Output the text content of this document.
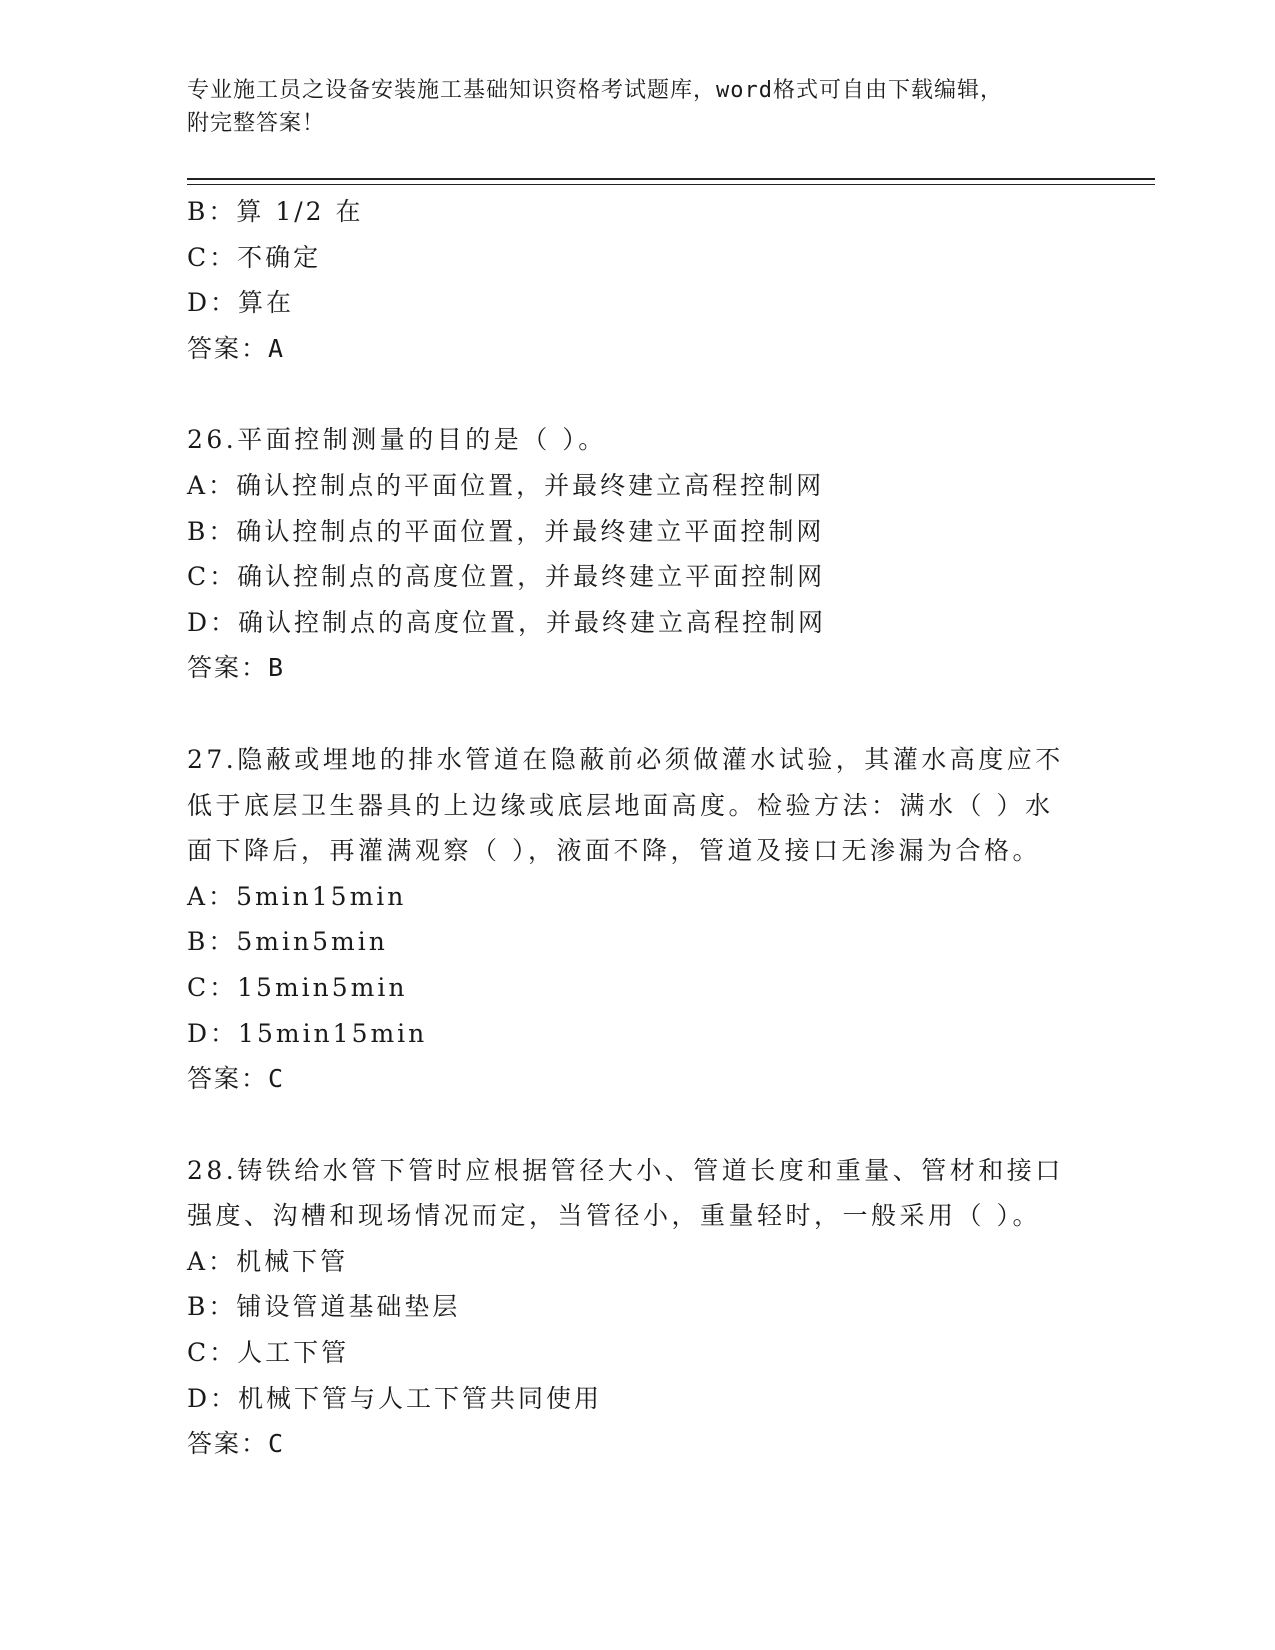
专业施工员之设备安装施工基础知识资格考试题库，word格式可自由下载编辑，
附完整答案！
B：算 1/2 在
C：不确定
D：算在
答案：A
26.平面控制测量的目的是（ ）。
A：确认控制点的平面位置，并最终建立高程控制网
B：确认控制点的平面位置，并最终建立平面控制网
C：确认控制点的高度位置，并最终建立平面控制网
D：确认控制点的高度位置，并最终建立高程控制网
答案：B
27.隐蔽或埋地的排水管道在隐蔽前必须做灌水试验，其灌水高度应不
低于底层卫生器具的上边缘或底层地面高度。检验方法：满水（ ）水
面下降后，再灌满观察（ ），液面不降，管道及接口无渗漏为合格。
A：5min15min
B：5min5min
C：15min5min
D：15min15min
答案：C
28.铸铁给水管下管时应根据管径大小、管道长度和重量、管材和接口
强度、沟槽和现场情况而定，当管径小，重量轻时，一般采用（ ）。
A：机械下管
B：铺设管道基础垫层
C：人工下管
D：机械下管与人工下管共同使用
答案：C
